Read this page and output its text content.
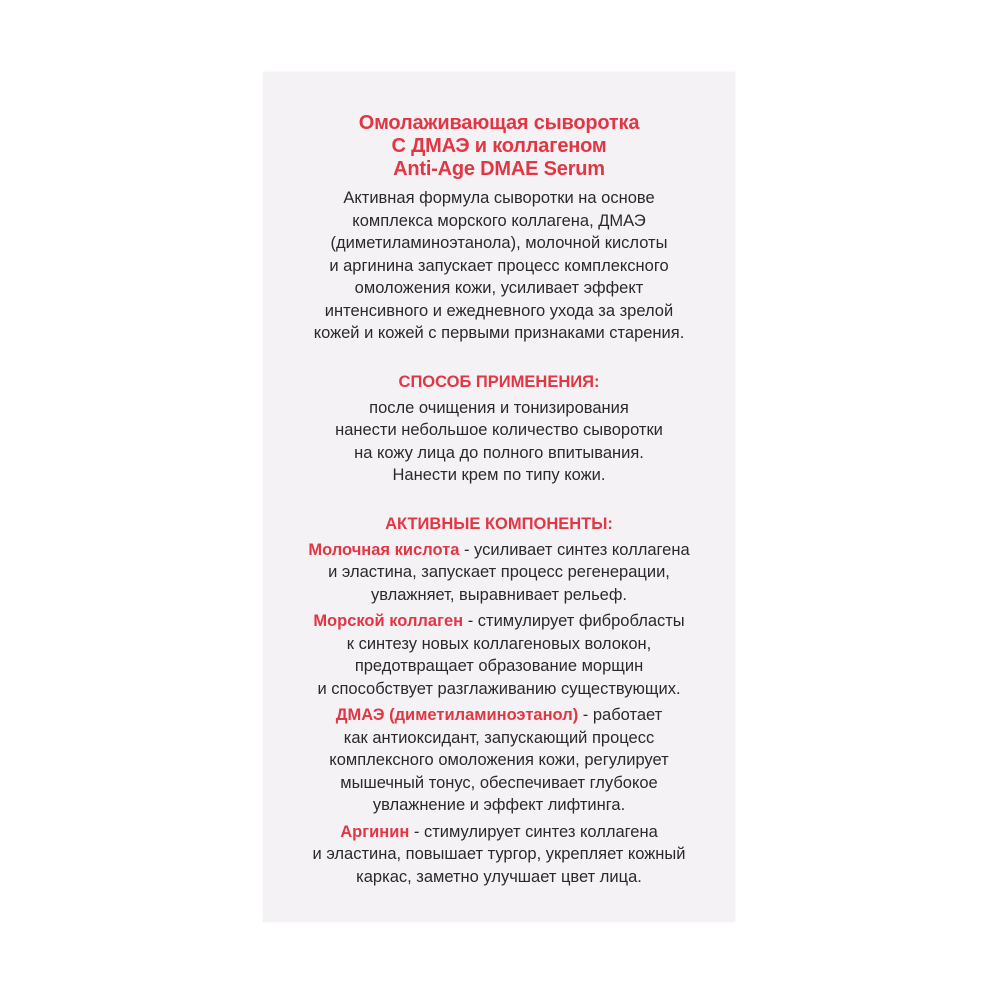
Омолаживающая сыворотка
С ДМАЭ и коллагеном
Anti-Age DMAE Serum
Активная формула сыворотки на основе
комплекса морского коллагена, ДМАЭ
(диметиламиноэтанола), молочной кислоты
и аргинина запускает процесс комплексного
омоложения кожи, усиливает эффект
интенсивного и ежедневного ухода за зрелой
кожей и кожей с первыми признаками старения.
СПОСОБ ПРИМЕНЕНИЯ:
после очищения и тонизирования
нанести небольшое количество сыворотки
на кожу лица до полного впитывания.
Нанести крем по типу кожи.
АКТИВНЫЕ КОМПОНЕНТЫ:
Молочная кислота - усиливает синтез коллагена
и эластина, запускает процесс регенерации,
увлажняет, выравнивает рельеф.
Морской коллаген - стимулирует фибробласты
к синтезу новых коллагеновых волокон,
предотвращает образование морщин
и способствует разглаживанию существующих.
ДМАЭ (диметиламиноэтанол) - работает
как антиоксидант, запускающий процесс
комплексного омоложения кожи, регулирует
мышечный тонус, обеспечивает глубокое
увлажнение и эффект лифтинга.
Аргинин - стимулирует синтез коллагена
и эластина, повышает тургор, укрепляет кожный
каркас, заметно улучшает цвет лица.
